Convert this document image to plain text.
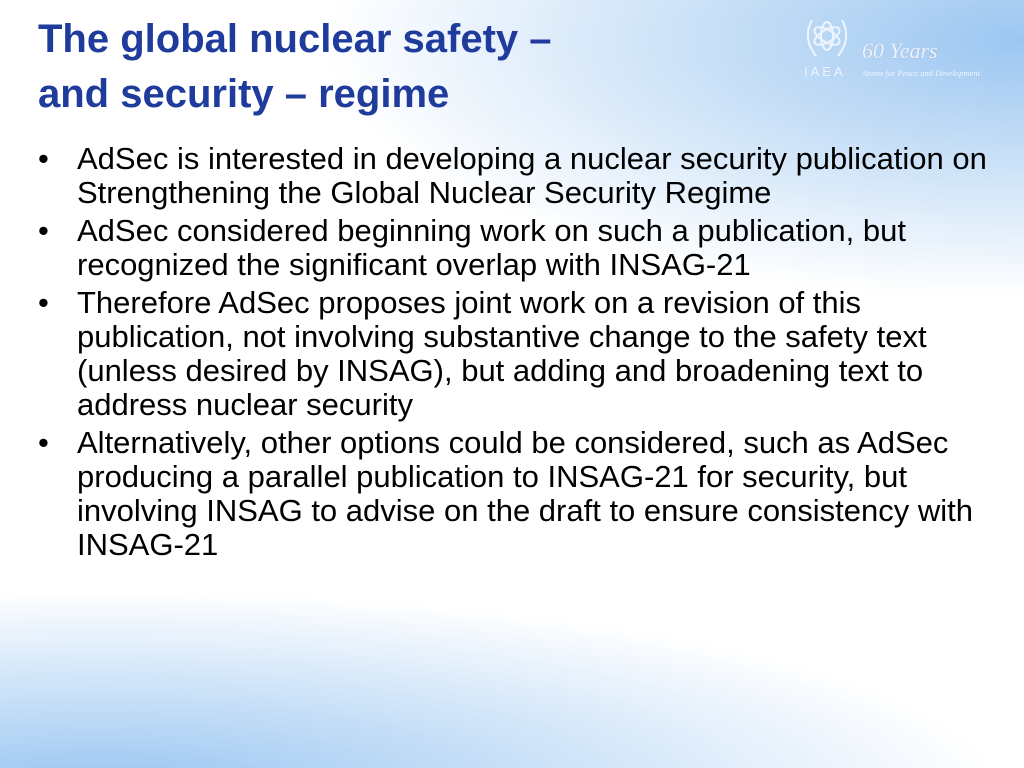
The global nuclear safety –
and security – regime
60 Years
IAEA Atoms for Peace and Development
• AdSec is interested in developing a nuclear security publication on Strengthening the Global Nuclear Security Regime
• AdSec considered beginning work on such a publication, but recognized the significant overlap with INSAG-21
• Therefore AdSec proposes joint work on a revision of this publication, not involving substantive change to the safety text (unless desired by INSAG), but adding and broadening text to address nuclear security
• Alternatively, other options could be considered, such as AdSec producing a parallel publication to INSAG-21 for security, but involving INSAG to advise on the draft to ensure consistency with INSAG-21
